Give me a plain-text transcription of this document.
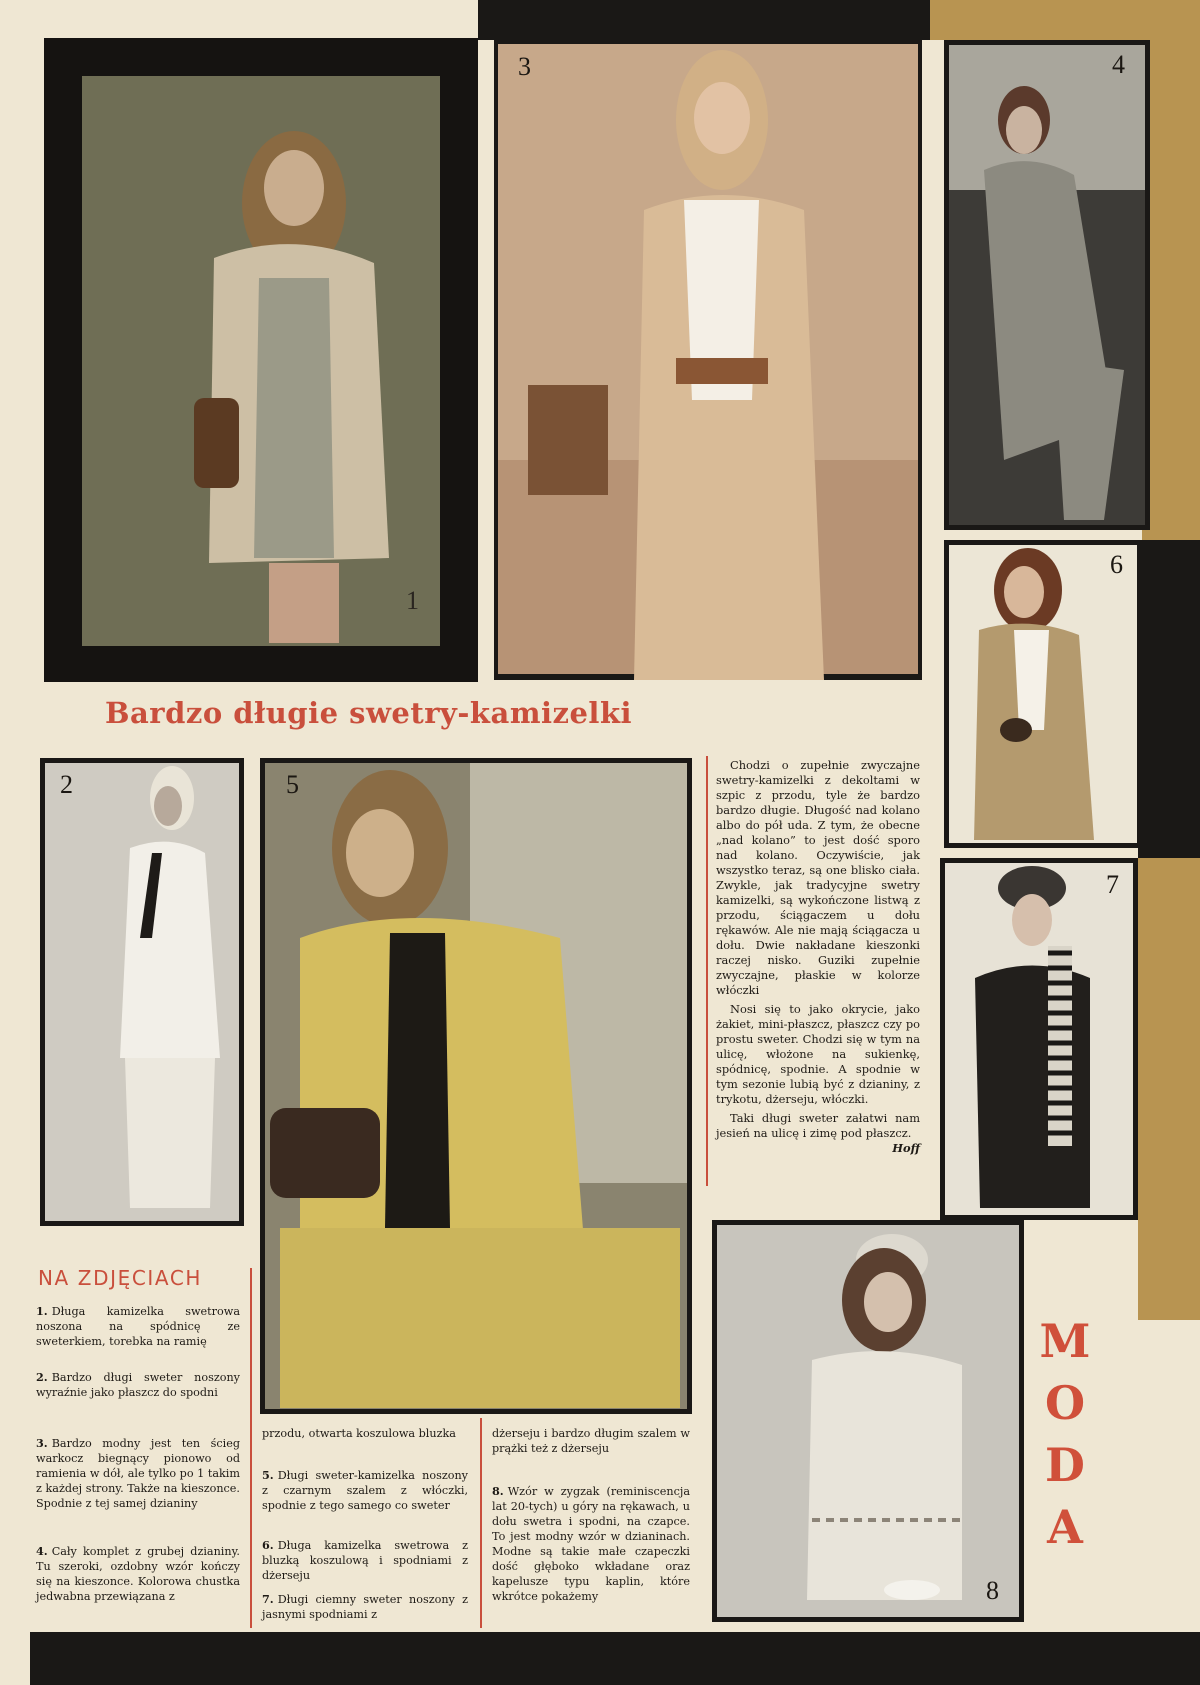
1
3	4
6
7
2	5
8
M
O
D
A
Bardzo długie swetry-kamizelki

Chodzi o zupełnie zwyczajne swetry-kamizelki z dekoltami w szpic z przodu, tyle że bardzo bardzo długie. Długość nad kolano albo do pół uda. Z tym, że obecne „nad kolano” to jest dość sporo nad kolano. Oczywiście, jak wszystko teraz, są one blisko ciała. Zwykle, jak tradycyjne swetry kamizelki, są wykończone listwą z przodu, ściągaczem u dołu rękawów. Ale nie mają ściągacza u dołu. Dwie nakładane kieszonki raczej nisko. Guziki zupełnie zwyczajne, płaskie w kolorze włóczki

Nosi się to jako okrycie, jako żakiet, mini-płaszcz, płaszcz czy po prostu sweter. Chodzi się w tym na ulicę, włożone na sukienkę, spódnicę, spodnie. A spodnie w tym sezonie lubią być z dzianiny, z trykotu, dżerseju, włóczki.

Taki długi sweter załatwi nam jesień na ulicę i zimę pod płaszcz.
Hoff

NA ZDJĘCIACH
1. Długa kamizelka swetrowa noszona na spódnicę ze sweterkiem, torebka na ramię
2. Bardzo długi sweter noszony wyraźnie jako płaszcz do spodni
3. Bardzo modny jest ten ścieg warkocz biegnący pionowo od ramienia w dół, ale tylko po 1 takim z każdej strony. Także na kieszonce. Spodnie z tej samej dzianiny
4. Cały komplet z grubej dzianiny. Tu szeroki, ozdobny wzór kończy się na kieszonce. Kolorowa chustka jedwabna przewiązana z
przodu, otwarta koszulowa bluzka
5. Długi sweter-kamizelka noszony z czarnym szalem z włóczki, spodnie z tego samego co sweter
6. Długa kamizelka swetrowa z bluzką koszulową i spodniami z dżerseju
7. Długi ciemny sweter noszony z jasnymi spodniami z
dżerseju i bardzo długim szalem w prążki też z dżerseju
8. Wzór w zygzak (reminiscencja lat 20-tych) u góry na rękawach, u dołu swetra i spodni, na czapce. To jest modny wzór w dzianinach. Modne są takie małe czapeczki dość głęboko wkładane oraz kapelusze typu kaplin, które wkrótce pokażemy
